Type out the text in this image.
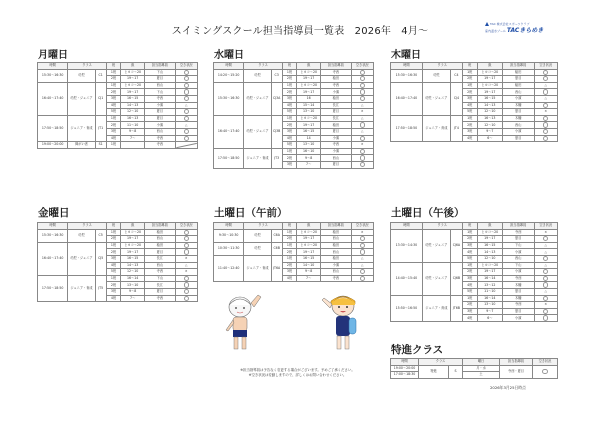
スイミングスクール担当指導員一覧表　2026年　4月～
TAC 株式会社スポーツクラブ
室内温水プール TACきらめき
月曜日	水曜日	木曜日
金曜日	土曜日（午前）	土曜日（午後）
特進クラス
時間	クラス		班	級	担当指導員	空き状況
15:30～16:30	幼児	C1	1班	ヒヨコ～20	下山	
			2班	19～17	夏目	
16:40～17:40	幼児・ジュニア	CJ1	1班	ヒヨコ～20	西山	
			2班	19～17	下山	
			3班	16～15	寺西	
			4班	14～13	小濱	△
			5班	12～10	夏目	
17:50～18:50	ジュニア・育成	JT1	1班	16～13	夏目	
			2班	11～10	小濱	△
			3班	9～8	西山	
			4班	7～	寺西	
19:00～20:00	障がい者	S1	1班		寺西	
時間	クラス		班	級	担当指導員	空き状況
14:20～15:20	幼児	C3	1班	ヒヨコ～20	寺西	
			2班	19～17	稲田	
15:30～16:30	幼児・ジュニア	CJ3A	1班	ヒヨコ～20	寺西	
			2班	19～17	小濱	
			3班	16	稲田	
			4班	15～14	長江	△
			5班	13～10	夏目	×
16:40～17:40	幼児・ジュニア	CJ3B	1班	ヒヨコ～20	長江	△
			2班	19～17	稲田	
			3班	16～15	夏目	△
			4班	14	小濱	
			5班	13～10	寺西	×
17:50～18:50	ジュニア・育成	JT3	1班	16～10	小濱	
			2班	9～8	西山	
			3班	7～	夏目	
時間	クラス		班	級	担当指導員	空き状況
15:30～16:30	幼児	C4	1班	ヒヨコ～20	稲田	
			2班	19～17	夏目	
16:40～17:40	幼児・ジュニア	CJ4	1班	ヒヨコ～20	稲田	△
			2班	19～17	西山	
			3班	16～15	小濱	△
			4班	14～13	木幡	
			5班	12～10	夏目	×
17:50～18:50	ジュニア・育成	JT4	1班	16～13	木幡	
			2班	12～10	西山	
			3班	9～7	小濱	
			4班	6～	夏目	
時間	クラス		班	級	担当指導員	空き状況
15:30～16:30	幼児	C5	1班	ヒヨコ～20	稲田	
			2班	19～17	西山	
16:40～17:40	幼児・ジュニア	CJ5	1班	ヒヨコ～20	稲田	
			2班	19～17	夏目	
			3班	16～15	長江	×
			4班	14～13	西山	△
			5班	12～10	寺西	×
17:50～18:50	ジュニア・育成	JT5	1班	16～14	下山	
			2班	13～10	長江	
			3班	9～8	夏目	
			4班	7～	寺西	
時間	クラス		班	級	担当指導員	空き状況
9:30～10:30	幼児	C6A	1班	ヒヨコ～20	稲田	×
			2班	19～17	西山	
10:30～11:30	幼児	C6B	1班	ヒヨコ～20	稲田	
			2班	19～17	西山	
11:40～12:40	ジュニア・育成	JT6A	1班	16～15	稲田	△
			2班	14～10	小濱	△
			3班	9～8	西山	
			4班	7～	寺西	
時間	クラス		班	級	担当指導員	空き状況
13:30～14:30	幼児・ジュニア	CJ6A	1班	ヒヨコ～20	寺西	×
			2班	19～17	夏目	
			3班	16～15	下山	△
			4班	14～13	小濱	△
			5班	12～10	西山	
14:40～15:40	幼児・ジュニア	CJ6B	1班	ヒヨコ～20	下山	△
			2班	19～17	小濱	
			3班	16～14	寺西	
			4班	13～12	木幡	
			5班	11～10	夏目	△
15:50～16:50	ジュニア・育成	JT6B	1班	16～14	木幡	
			2班	13～10	寺西	×
			3班	9～7	夏目	
			4班	6～	小濱	
時間	クラス		曜日	担当指導員	空き状況
19:00～20:00	特進	S	月・水	寺西・夏目	
17:00～18:30			土		
2026年3月25日時点
※担当指導員は予告なく変更する場合がございます。予めご了承ください。
※空き状況は変動しますので、詳しくはお問い合わせください。
